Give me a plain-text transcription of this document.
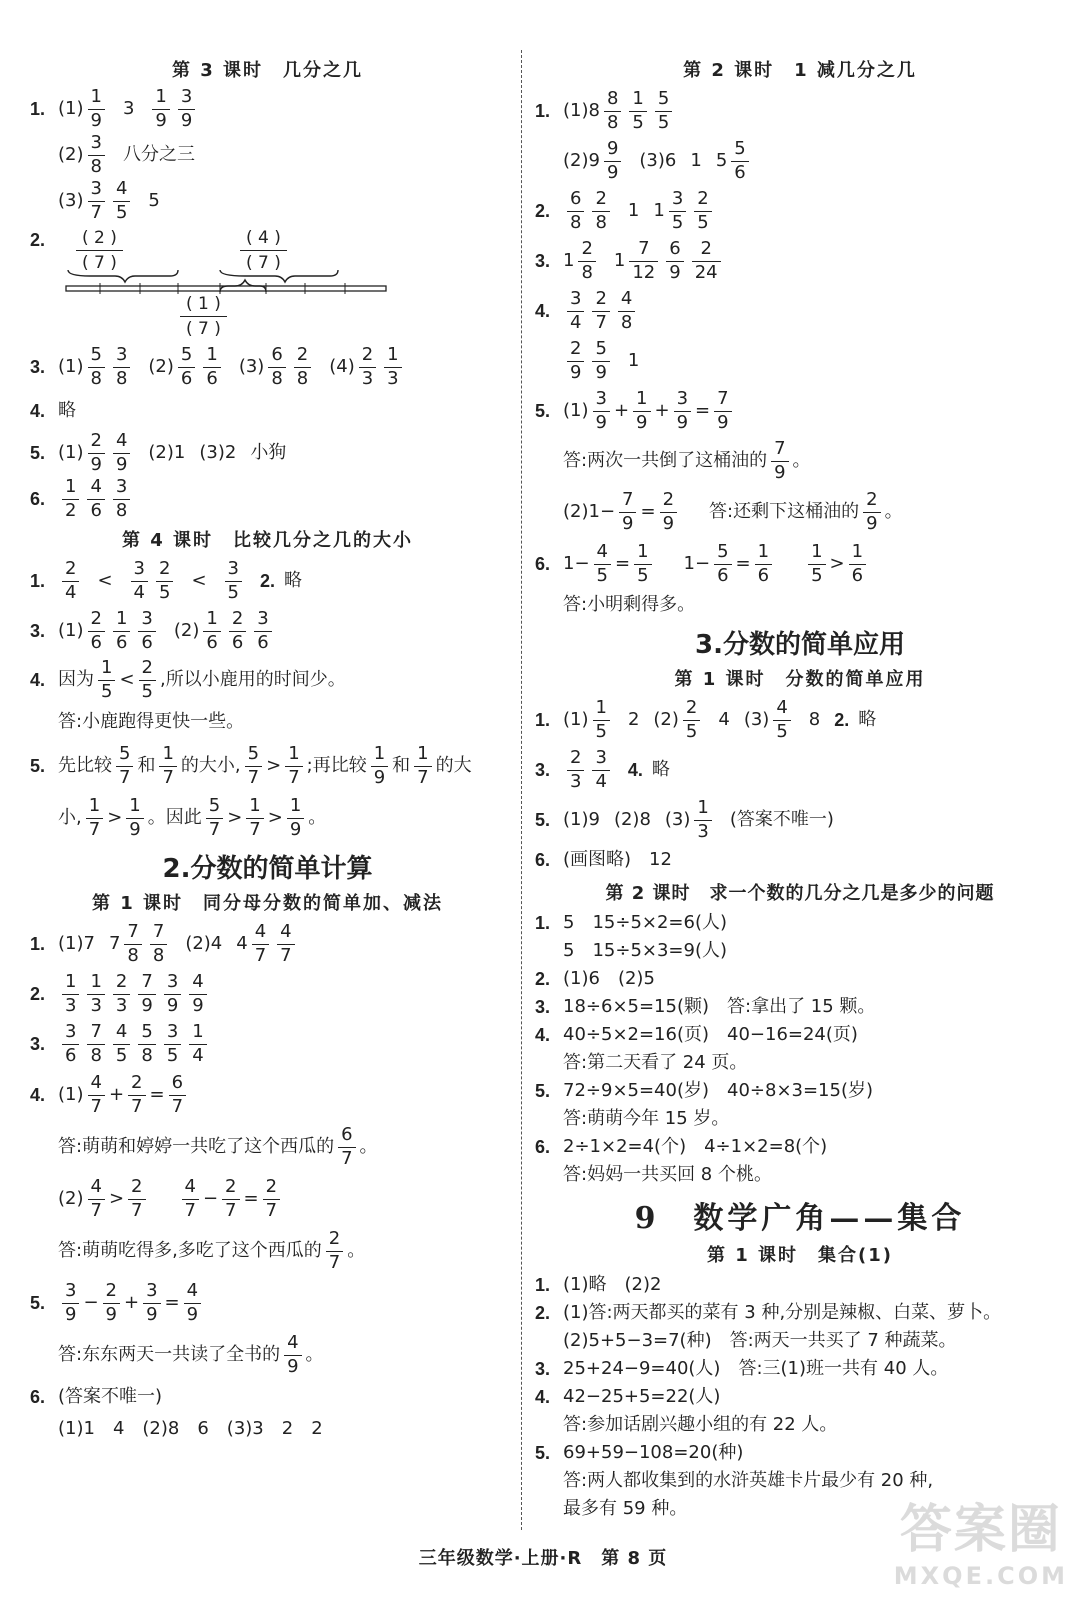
第 3 课时　几分之几
1. (1)
1
9
3
1
9
3
9
(2)
3
8
八分之三
(3)
3
7
4
5
5
2.	( 2 )
( 7 )
( 4 )
( 7 )
( 1 )
( 7 )
3. (1)
5
8
3
8
(2)
5
6
1
6
(3)
6
8
2
8
(4)
2
3
1
3
4. 略
5. (1)
2
9
4
9
(2)1 (3)2 小狗
6.
1
2
4
6
3
8
第 4 课时　比较几分之几的大小
1.
2
4
<
3
4
2
5
<
3
5
2. 略
3. (1)
2
6
1
6
3
6
(2)
1
6
2
6
3
6
4. 因为
1
5
<
2
5
,所以小鹿用的时间少。
答:小鹿跑得更快一些。
5. 先比较
5
7
和
1
7
的大小,
5
7
>
1
7
;再比较
1
9
和
1
7
的大
小,
1
7
>
1
9
。因此
5
7
>
1
7
>
1
9
。
2.分数的简单计算
第 1 课时　同分母分数的简单加、减法
1. (1)7 7
7
8
7
8
(2)4 4
4
7
4
7
2.
1
3
1
3
2
3
7
9
3
9
4
9
3.
3
6
7
8
4
5
5
8
3
5
1
4
4. (1)
4
7
+ $\frac{2}{7} = \frac{6}{7}$
答:萌萌和婷婷一共吃了这个西瓜的
6
7
。
(2)
4
7
>
2
7
4
7
− $\frac{2}{7} = \frac{2}{7}$
答:萌萌吃得多,多吃了这个西瓜的
2
7
。
5.
3
9
− $\frac{2}{9} + \frac{3}{9} = \frac{4}{9}$
答:东东两天一共读了全书的
4
9
。
6. (答案不唯一)
(1)1　4　(2)8　6　(3)3　2　2
第 2 课时　1 减几分之几
1. (1)8
8
8
1
5
5
5
(2)9
9
9
(3)6 1 5
5
6
2.
6
8
2
8
1 1
3
5
2
5
3. 1
2
8
1
7
12
6
9
2
24
4.
3
4
2
7
4
8
2
9
5
9
1
5. (1)
3
9
+ $\frac{1}{9} + \frac{3}{9} = \frac{7}{9}$
答:两次一共倒了这桶油的
7
9
。
$(2)1- \frac{7}{9} = \frac{2}{9}$ 答:还剩下这桶油的
2
9
。
6. $1- \frac{4}{5} = \frac{1}{5} 1- \frac{5}{6} = \frac{1}{6} 1$
5
>
1
6
答:小明剩得多。
3.分数的简单应用
第 1 课时　分数的简单应用
1. (1)
1
5
2 (2)
2
5
4 (3)
4
5
8 2. 略
3.
2
3
3
4
4. 略
5. (1)9 (2)8 (3)
1
3
(答案不唯一)
6. (画图略)　12
第 2 课时　求一个数的几分之几是多少的问题
1. 5　15÷5×2=6(人)
5　15÷5×3=9(人)
2. (1)6　(2)5
3. 18÷6×5=15(颗)　答:拿出了 15 颗。
4. 40÷5×2=16(页)　40−16=24(页)
答:第二天看了 24 页。
5. 72÷9×5=40(岁)　40÷8×3=15(岁)
答:萌萌今年 15 岁。
6. 2÷1×2=4(个)　4÷1×2=8(个)
答:妈妈一共买回 8 个桃。
9　数学广角——集合
第 1 课时　集合(1)
1. (1)略　(2)2
2. (1)答:两天都买的菜有 3 种,分别是辣椒、白菜、萝卜。
(2)5+5−3=7(种)　答:两天一共买了 7 种蔬菜。
3. 25+24−9=40(人)　答:三(1)班一共有 40 人。
4. 42−25+5=22(人)
答:参加话剧兴趣小组的有 22 人。
5. 69+59−108=20(种)
答:两人都收集到的水浒英雄卡片最少有 20 种,
最多有 59 种。
三年级数学·上册·R　第 8 页	答案圈
MXQE.COM
